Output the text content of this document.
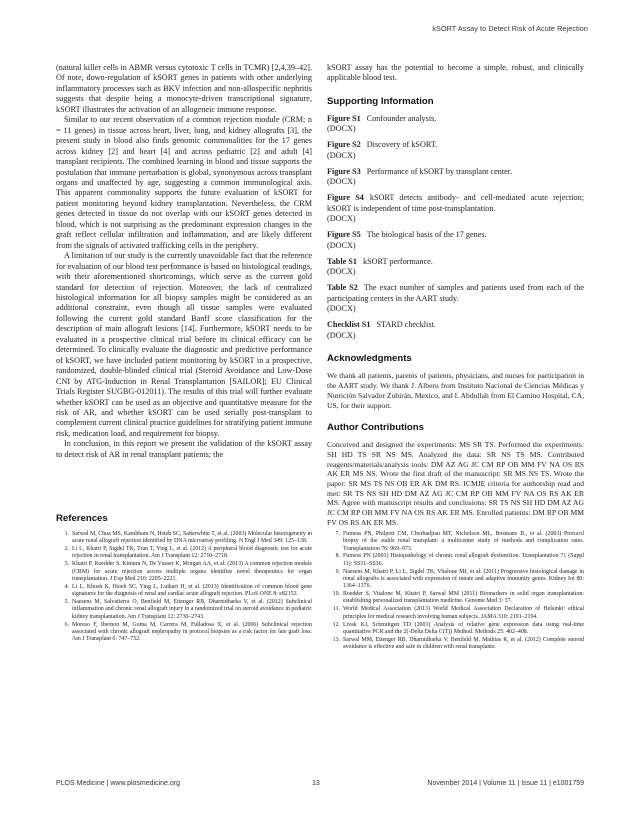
kSORT Assay to Detect Risk of Acute Rejection

(natural killer cells in ABMR versus cytotoxic T cells in TCMR) [2,4,39–42]. Of note, down-regulation of kSORT genes in patients with other underlying inflammatory processes such as BKV infection and non-allospecific nephritis suggests that despite being a monocyte-driven transcriptional signature, kSORT illustrates the activation of an allogeneic immune response.

Similar to our recent observation of a common rejection module (CRM; n = 11 genes) in tissue across heart, liver, lung, and kidney allografts [3], the present study in blood also finds genomic commonalities for the 17 genes across kidney [2] and heart [4] and across pediatric [2] and adult [4] transplant recipients. The combined learning in blood and tissue supports the postulation that immune perturbation is global, synonymous across transplant organs and unaffected by age, suggesting a common immunological axis. This apparent commonality supports the future evaluation of kSORT for patient monitoring beyond kidney transplantation. Nevertheless, the CRM genes detected in tissue do not overlap with our kSORT genes detected in blood, which is not surprising as the predominant expression changes in the graft reflect cellular infiltration and inflammation, and are likely different from the signals of activated trafficking cells in the periphery.

A limitation of our study is the currently unavoidable fact that the reference for evaluation of our blood test performance is based on histological readings, with their aforementioned shortcomings, which serve as the current gold standard for detection of rejection. Moreover, the lack of centralized histological information for all biopsy samples might be considered as an additional constraint, even though all tissue samples were evaluated following the current gold standard Banff score classification for the description of main allograft lesions [14]. Furthermore, kSORT needs to be evaluated in a prospective clinical trial before its clinical efficacy can be determined. To clinically evaluate the diagnostic and predictive performance of kSORT, we have included patient monitoring by kSORT in a prospective, randomized, double-blinded clinical trial (Steroid Avoidance and Low-Dose CNI by ATG-Induction in Renal Transplantation [SAILOR]; EU Clinical Trials Register SUGBG-012011). The results of this trial will further evaluate whether kSORT can be used as an objective and quantitative measure for the risk of AR, and whether kSORT can be used serially post-transplant to complement current clinical practice guidelines for stratifying patient immune risk, medication load, and requirement for biopsy.

In conclusion, in this report we present the validation of the kSORT assay to detect risk of AR in renal transplant patients; the

kSORT assay has the potential to become a simple, robust, and clinically applicable blood test.

Supporting Information
Figure S1 Confounder analysis.
(DOCX)
Figure S2 Discovery of kSORT.
(DOCX)
Figure S3 Performance of kSORT by transplant center.
(DOCX)
Figure S4 kSORT detects antibody- and cell-mediated acute rejection; kSORT is independent of time post-transplantation.
(DOCX)
Figure S5 The biological basis of the 17 genes.
(DOCX)
Table S1 kSORT performance.
(DOCX)
Table S2 The exact number of samples and patients used from each of the participating centers in the AART study.
(DOCX)
Checklist S1 STARD checklist.
(DOCX)
Acknowledgments

We thank all patients, parents of patients, physicians, and nurses for participation in the AART study. We thank J. Alberu from Instituto Nacional de Ciencias Médicas y Nutrición Salvador Zubirán, Mexico, and I. Abdullah from El Camino Hospital, CA, US, for their support.

Author Contributions

Conceived and designed the experiments: MS SR TS. Performed the experiments: SH HD TS SR NS MS. Analyzed the data: SR NS TS MS. Contributed reagents/materials/analysis tools: DM AZ AG JC CM RP OB MM FV NA OS RS AK ER MS NS. Wrote the first draft of the manuscript: SR MS NS TS. Wrote the paper: SR MS TS NS OB ER AK DM RS. ICMJE criteria for authorship read and met: SR TS NS SH HD DM AZ AG JC CM RP OB MM FV NA OS RS AK ER MS. Agree with manuscript results and conclusions: SR TS NS SH HD DM AZ AG JC CM RP OB MM FV NA OS RS AK ER MS. Enrolled patients: DM RP OB MM FV OS RS AK ER MS.

References
1. Sarwal M, Chua MS, Kambham N, Hsieh SC, Satterwhite T, et al. (2003) Molecular heterogeneity in acute renal allograft rejection identified by DNA microarray profiling. N Engl J Med 349: 125–138.
2. Li L, Khatri P, Sigdel TK, Tran T, Ying L, et al. (2012) A peripheral blood diagnostic test for acute rejection in renal transplantation. Am J Transplant 12: 2710–2718.
3. Khatri P, Roedder S, Kimura N, De Vusser K, Morgan AA, et al. (2013) A common rejection module (CRM) for acute rejection across multiple organs identifies novel therapeutics for organ transplantation. J Exp Med 210: 2205–2221.
4. Li L, Khush K, Hsieh SC, Ying L, Luikart H, et al. (2013) Identification of common blood gene signatures for the diagnosis of renal and cardiac acute allograft rejection. PLoS ONE 8: e82153.
5. Naesens M, Salvatierra O, Benfield M, Ettenger RB, Dharnidharka V, et al. (2012) Subclinical inflammation and chronic renal allograft injury in a randomized trial on steroid avoidance in pediatric kidney transplantation. Am J Transplant 12: 2730–2743.
6. Moreso F, Ibernon M, Goma M, Carrera M, Fulladosa X, et al. (2006) Subclinical rejection associated with chronic allograft nephropathy in protocol biopsies as a risk factor for late graft loss. Am J Transplant 6: 747–752.
7. Furness PN, Philpott CM, Chorbadjian MT, Nicholson ML, Bosmans JL, et al. (2003) Protocol biopsy of the stable renal transplant: a multicenter study of methods and complication rates. Transplantation 76: 969–973.
8. Furness PN (2001) Histopathology of chronic renal allograft dysfunction. Transplantation 71 (Suppl 11): SS31–SS36.
9. Naesens M, Khatri P, Li L, Sigdel TK, Vitalone MJ, et al. (2011) Progressive histological damage in renal allografts is associated with expression of innate and adaptive immunity genes. Kidney Int 80: 1364–1376.
10. Roedder S, Vitalone M, Khatri P, Sarwal MM (2011) Biomarkers in solid organ transplantation: establishing personalized transplantation medicine. Genome Med 3: 37.
11. World Medical Association (2013) World Medical Association Declaration of Helsinki: ethical principles for medical research involving human subjects. JAMA 310: 2191–2194.
12. Livak KJ, Schmittgen TD (2001) Analysis of relative gene expression data using real-time quantitative PCR and the 2(-Delta Delta C(T)) Method. Methods 25: 402–408.
13. Sarwal MM, Ettenger RB, Dharnidharka V, Benfield M, Mathias R, et al. (2012) Complete steroid avoidance is effective and safe in children with renal transplants:
PLOS Medicine | www.plosmedicine.org	13	November 2014 | Volume 11 | Issue 11 | e1001759
